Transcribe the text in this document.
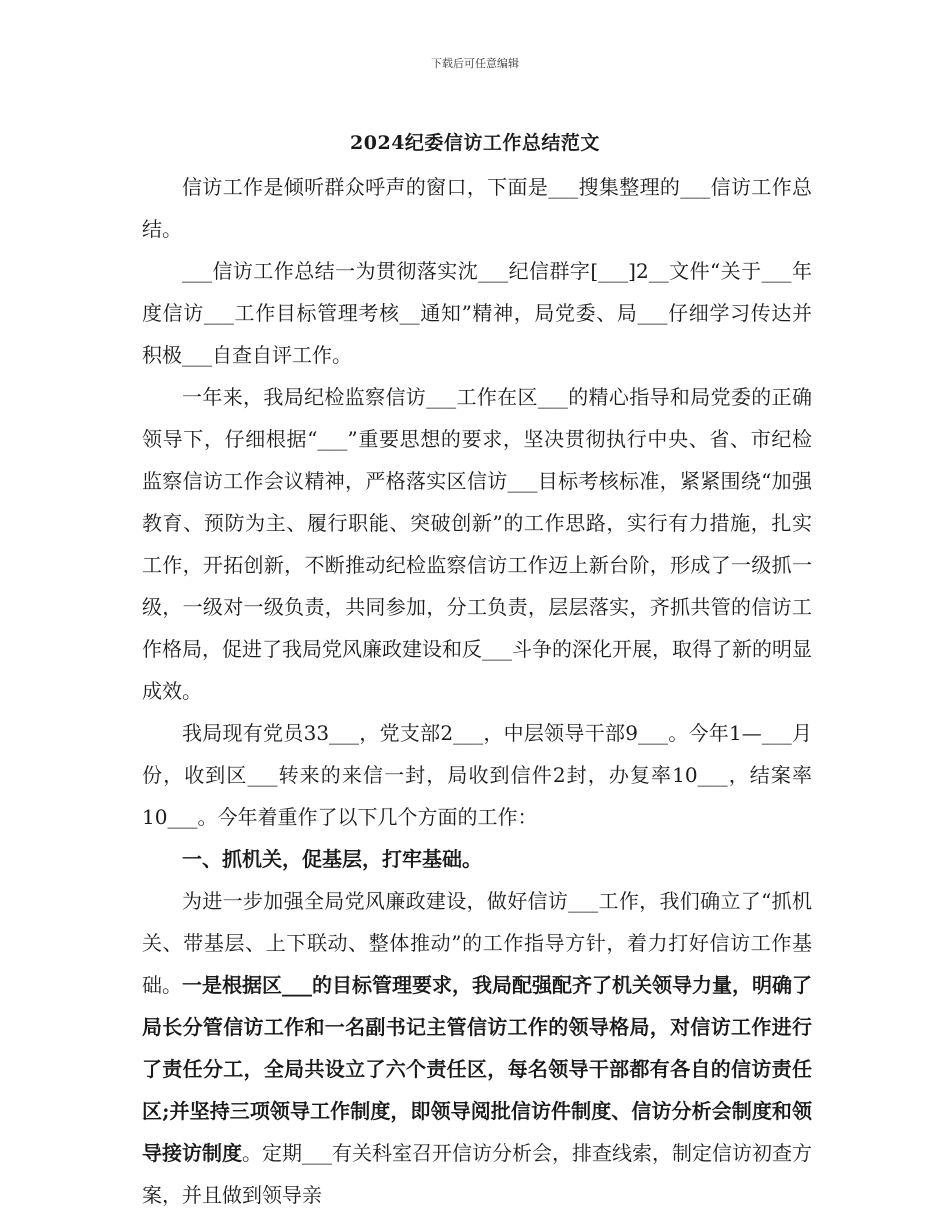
下载后可任意编辑
2024纪委信访工作总结范文

信访工作是倾听群众呼声的窗口，下面是___搜集整理的___信访工作总结。

___信访工作总结一为贯彻落实沈___纪信群字[___]2__文件“关于___年度信访___工作目标管理考核__通知”精神，局党委、局___仔细学习传达并积极___自查自评工作。

一年来，我局纪检监察信访___工作在区___的精心指导和局党委的正确领导下，仔细根据“___”重要思想的要求，坚决贯彻执行中央、省、市纪检监察信访工作会议精神，严格落实区信访___目标考核标准，紧紧围绕“加强教育、预防为主、履行职能、突破创新”的工作思路，实行有力措施，扎实工作，开拓创新，不断推动纪检监察信访工作迈上新台阶，形成了一级抓一级，一级对一级负责，共同参加，分工负责，层层落实，齐抓共管的信访工作格局，促进了我局党风廉政建设和反___斗争的深化开展，取得了新的明显成效。

我局现有党员33___，党支部2___，中层领导干部9___。今年1—___月份，收到区___转来的来信一封，局收到信件2封，办复率10___，结案率10___。今年着重作了以下几个方面的工作：

一、抓机关，促基层，打牢基础。

为进一步加强全局党风廉政建设，做好信访___工作，我们确立了“抓机关、带基层、上下联动、整体推动”的工作指导方针，着力打好信访工作基础。一是根据区___的目标管理要求，我局配强配齐了机关领导力量，明确了局长分管信访工作和一名副书记主管信访工作的领导格局，对信访工作进行了责任分工，全局共设立了六个责任区，每名领导干部都有各自的信访责任区;并坚持三项领导工作制度，即领导阅批信访件制度、信访分析会制度和领导接访制度。定期___有关科室召开信访分析会，排查线索，制定信访初查方案，并且做到领导亲
